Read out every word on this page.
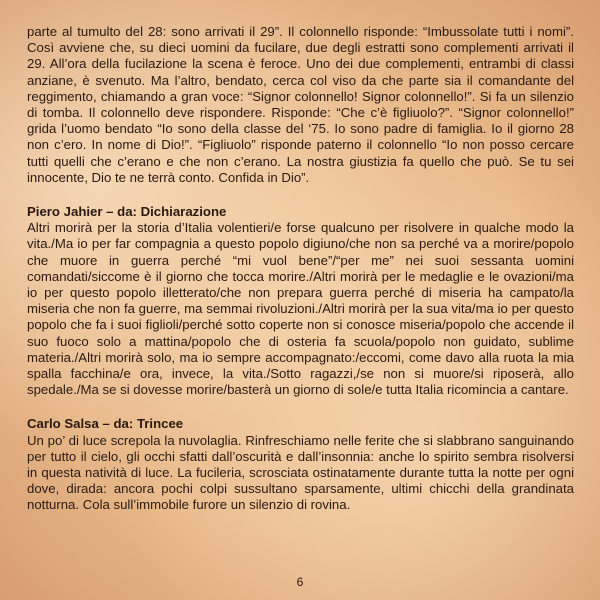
parte al tumulto del 28: sono arrivati il 29”. Il colonnello risponde: “Imbussolate tutti i nomi”. Così avviene che, su dieci uomini da fucilare, due degli estratti sono complementi arrivati il 29. All’ora della fucilazione la scena è feroce. Uno dei due complementi, entrambi di classi anziane, è svenuto. Ma l’altro, bendato, cerca col viso da che parte sia il comandante del reggimento, chiamando a gran voce: “Signor colonnello! Signor colonnello!”. Si fa un silenzio di tomba. Il colonnello deve rispondere. Risponde: “Che c’è figliuolo?”. “Signor colonnello!” grida l’uomo bendato “Io sono della classe del ‘75. Io sono padre di famiglia. Io il giorno 28 non c’ero. In nome di Dio!”. “Figliuolo” risponde paterno il colonnello “Io non posso cercare tutti quelli che c’erano e che non c’erano. La nostra giustizia fa quello che può. Se tu sei innocente, Dio te ne terrà conto. Confida in Dio”.

Piero Jahier – da: Dichiarazione

Altri morirà per la storia d’Italia volentieri/e forse qualcuno per risolvere in qualche modo la vita./Ma io per far compagnia a questo popolo digiuno/che non sa perché va a morire/popolo che muore in guerra perché “mi vuol bene”/“per me” nei suoi sessanta uomini comandati/siccome è il giorno che tocca morire./Altri morirà per le medaglie e le ovazioni/ma io per questo popolo illetterato/che non prepara guerra perché di miseria ha campato/la miseria che non fa guerre, ma semmai rivoluzioni./Altri morirà per la sua vita/ma io per questo popolo che fa i suoi figlioli/perché sotto coperte non si conosce miseria/popolo che accende il suo fuoco solo a mattina/popolo che di osteria fa scuola/popolo non guidato, sublime materia./Altri morirà solo, ma io sempre accompagnato:/eccomi, come davo alla ruota la mia spalla facchina/e ora, invece, la vita./Sotto ragazzi,/se non si muore/si riposerà, allo spedale./Ma se si dovesse morire/basterà un giorno di sole/e tutta Italia ricomincia a cantare.

Carlo Salsa – da: Trincee

Un po’ di luce screpola la nuvolaglia. Rinfreschiamo nelle ferite che si slabbrano sanguinando per tutto il cielo, gli occhi sfatti dall’oscurità e dall’insonnia: anche lo spirito sembra risolversi in questa natività di luce. La fucileria, scrosciata ostinatamente durante tutta la notte per ogni dove, dirada: ancora pochi colpi sussultano sparsamente, ultimi chicchi della grandinata notturna. Cola sull’immobile furore un silenzio di rovina.

6
